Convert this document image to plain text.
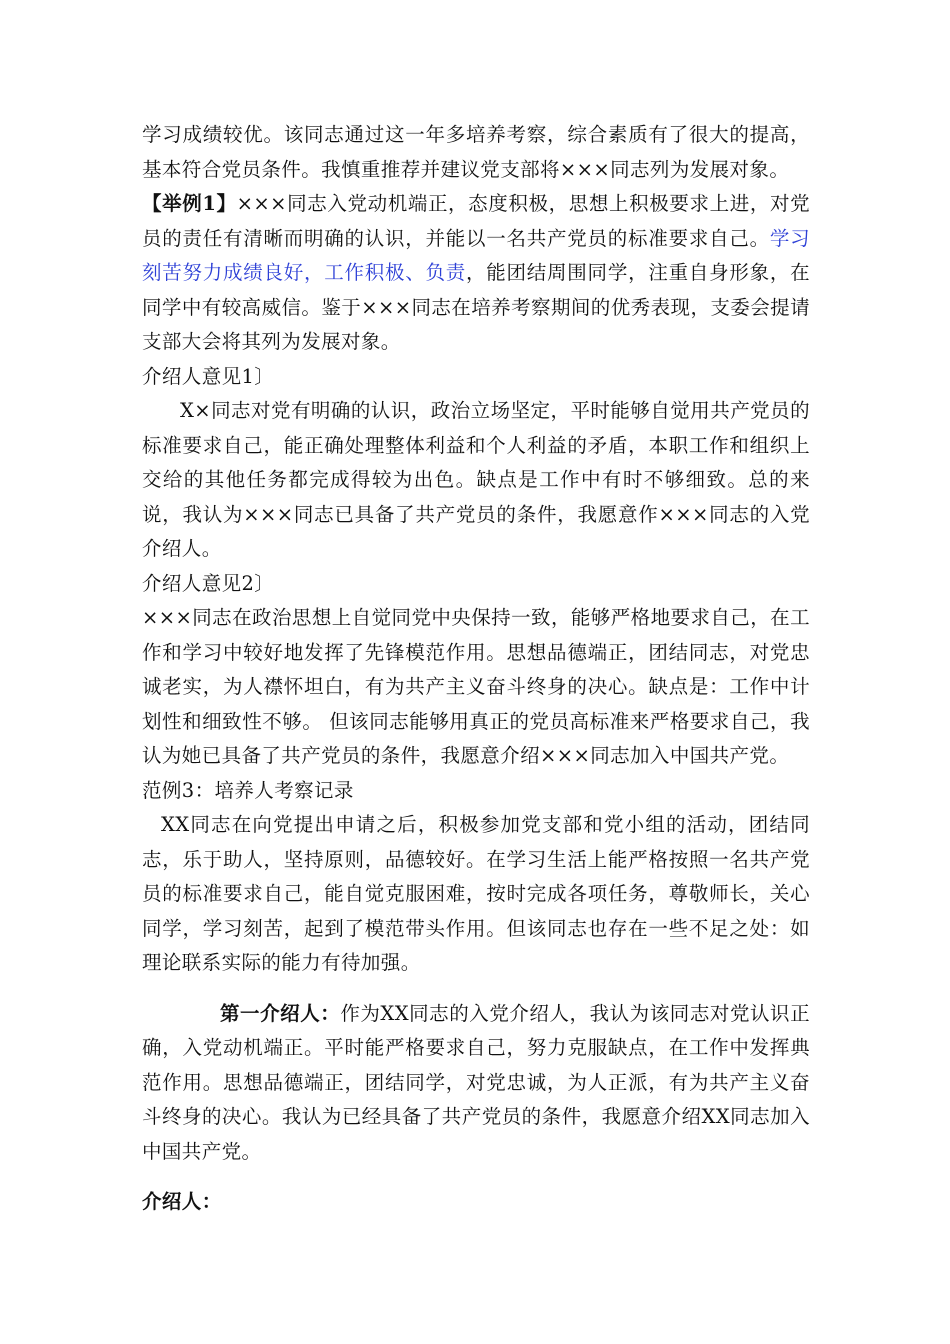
学习成绩较优。该同志通过这一年多培养考察，综合素质有了很大的提高，基本符合党员条件。我慎重推荐并建议党支部将×××同志列为发展对象。

【举例1】×××同志入党动机端正，态度积极，思想上积极要求上进，对党员的责任有清晰而明确的认识，并能以一名共产党员的标准要求自己。学习刻苦努力成绩良好，工作积极、负责，能团结周围同学，注重自身形象，在同学中有较高威信。鉴于×××同志在培养考察期间的优秀表现，支委会提请支部大会将其列为发展对象。

介绍人意见1〕

X×同志对党有明确的认识，政治立场坚定，平时能够自觉用共产党员的标准要求自己，能正确处理整体利益和个人利益的矛盾，本职工作和组织上交给的其他任务都完成得较为出色。缺点是工作中有时不够细致。总的来说，我认为×××同志已具备了共产党员的条件，我愿意作×××同志的入党介绍人。

介绍人意见2〕

×××同志在政治思想上自觉同党中央保持一致，能够严格地要求自己，在工作和学习中较好地发挥了先锋模范作用。思想品德端正，团结同志，对党忠诚老实，为人襟怀坦白，有为共产主义奋斗终身的决心。缺点是：工作中计划性和细致性不够。 但该同志能够用真正的党员高标准来严格要求自己，我认为她已具备了共产党员的条件，我愿意介绍×××同志加入中国共产党。

范例3：培养人考察记录

XX同志在向党提出申请之后，积极参加党支部和党小组的活动，团结同志，乐于助人，坚持原则，品德较好。在学习生活上能严格按照一名共产党员的标准要求自己，能自觉克服困难，按时完成各项任务，尊敬师长，关心同学，学习刻苦，起到了模范带头作用。但该同志也存在一些不足之处：如理论联系实际的能力有待加强。

第一介绍人：作为XX同志的入党介绍人，我认为该同志对党认识正确，入党动机端正。平时能严格要求自己，努力克服缺点，在工作中发挥典范作用。思想品德端正，团结同学，对党忠诚，为人正派，有为共产主义奋斗终身的决心。我认为已经具备了共产党员的条件，我愿意介绍XX同志加入中国共产党。

介绍人：
